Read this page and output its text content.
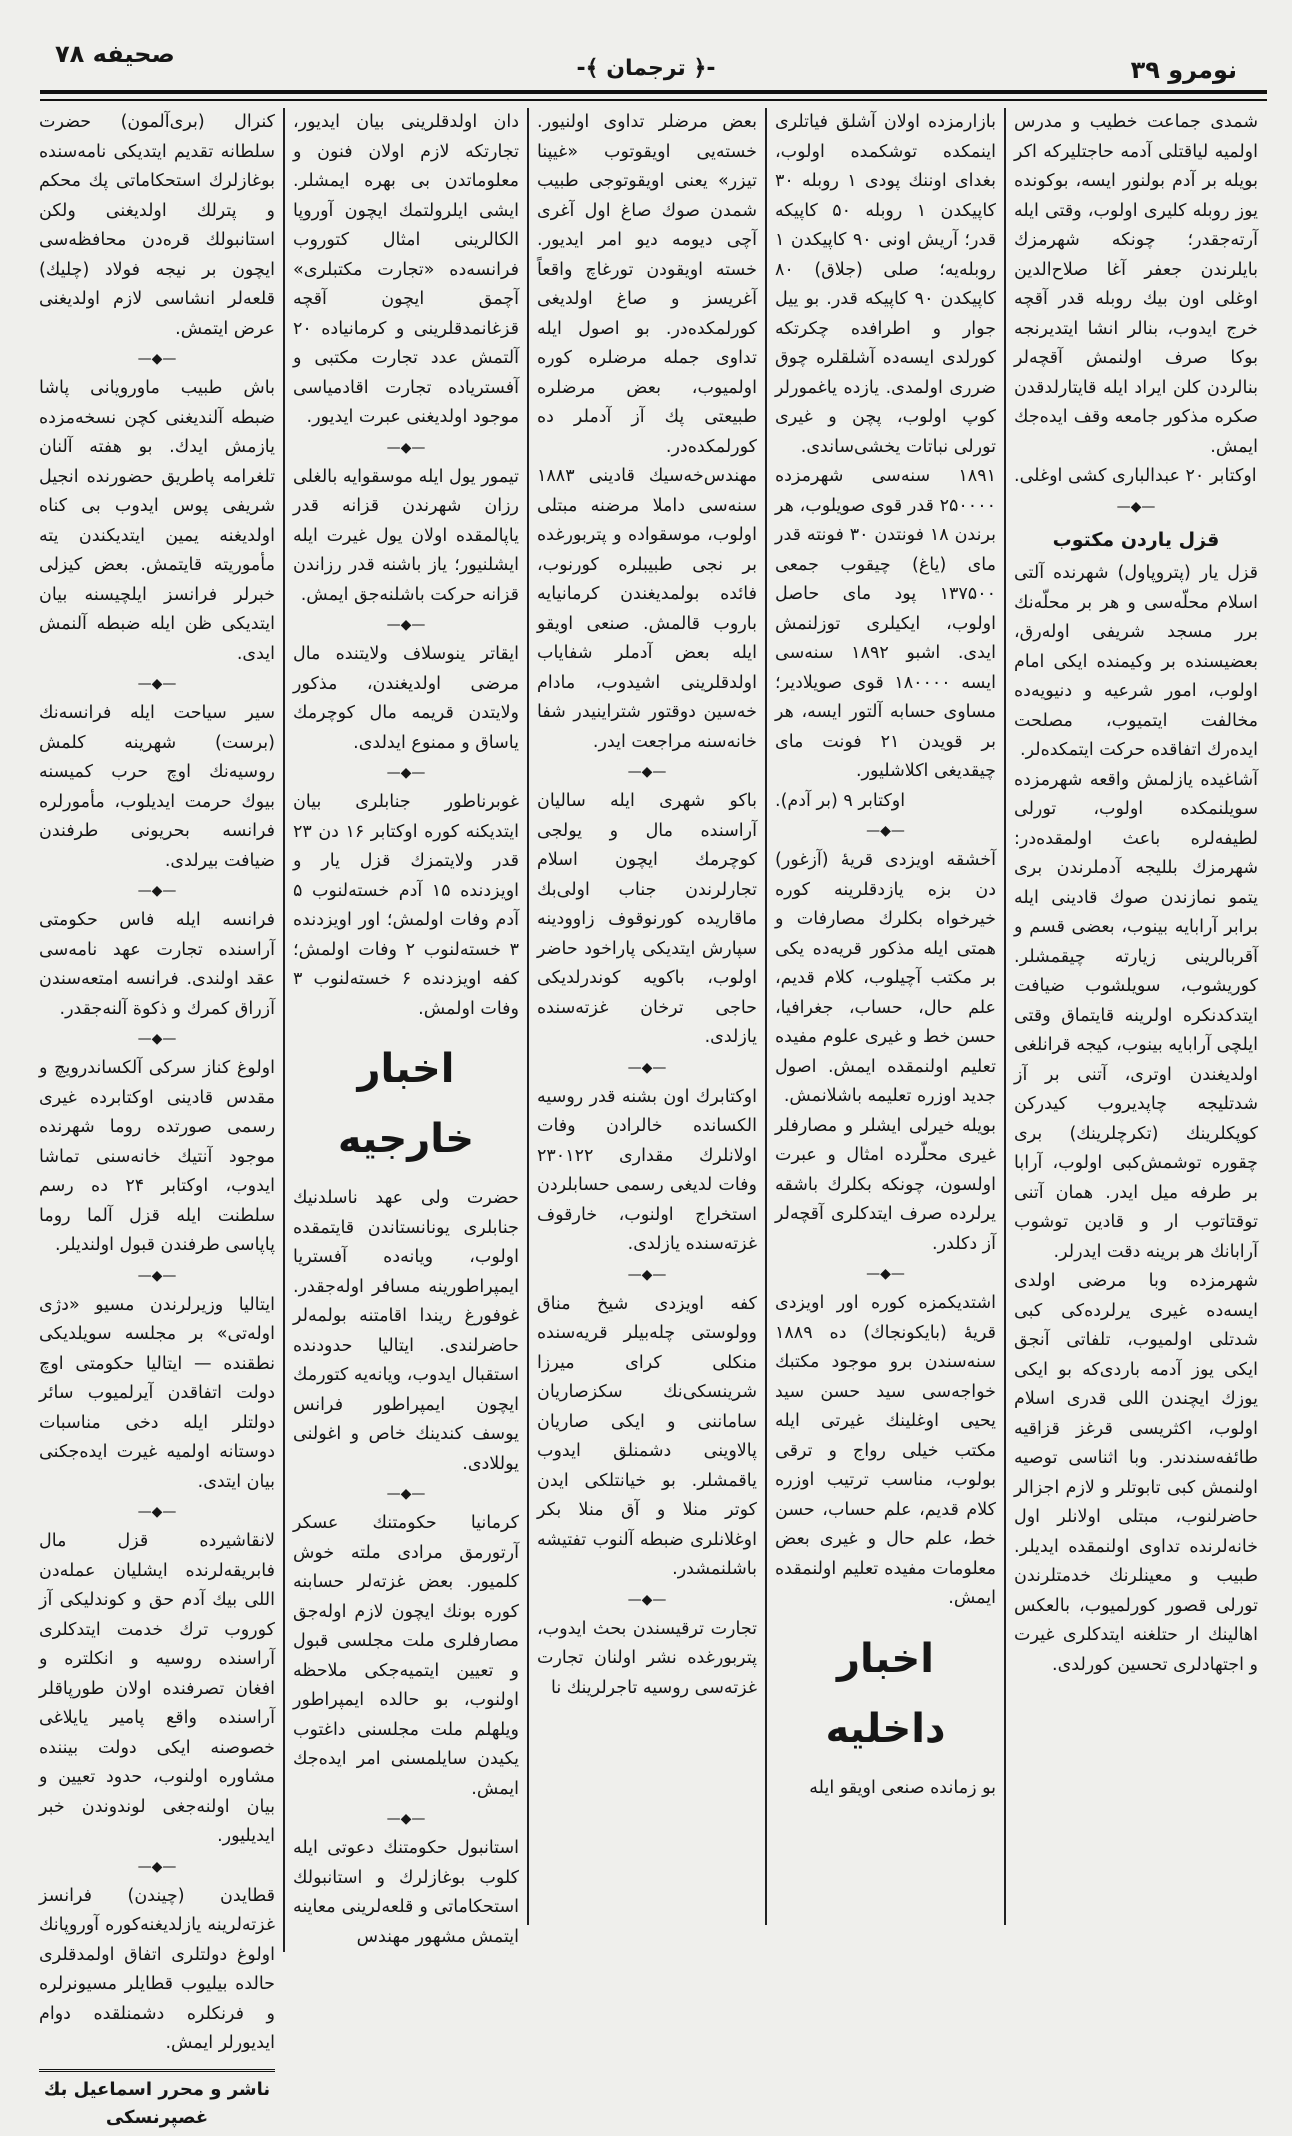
صحیفه ۷۸
-﴿ ترجمان ﴾-	نومرو ۳۹

شمدی جماعت خطیب و مدرس اولمیه لیاقتلی آدمه حاجتلیرکه اکر بویله بر آدم بولنور ایسه، بوکونده یوز روبله کلیری اولوب، وقتی ایله آرته‌جقدر؛ چونکه شهرمزك بایلرندن جعفر آغا صلاح‌الدین اوغلی اون بیك روبله قدر آقچه خرج ایدوب، بنالر انشا ایتدیرنجه بوکا صرف اولنمش آقچه‌لر بنالردن کلن ایراد ایله قایتارلدقدن صکره مذکور جامعه وقف ایده‌جك ایمش.

اوکتابر ۲۰ عبدالباری کشی اوغلی.

—◆—

قزل یاردن مکتوب

قزل یار (پتروپاول) شهرنده آلتی اسلام محلّه‌سی و هر بر محلّه‌نك برر مسجد شریفی اوله‌رق، بعضیسنده بر وکیمنده ایکی امام اولوب، امور شرعیه و دنیویه‌ده مخالفت ایتمیوب، مصلحت ایده‌رك اتفاقده حرکت ایتمکده‌لر.

آشاغیده یازلمش واقعه شهرمزده سویلنمکده اولوب، تورلی لطیفه‌لره باعث اولمقده‌در: شهرمزك بللیجه آدملرندن بری یتمو نمازندن صوك قادینی ایله برابر آرابایه بینوب، بعضی قسم و آقربالرینی زیارته چیقمشلر. کوریشوب، سویلشوب ضیافت ایتدکدنکره اولرینه قایتماق وقتی ایلچی آرابایه بینوب، کیجه قرانلغی اولدیغندن اوترى، آتنی بر آز شدتلیجه چاپدیروب کیدرکن کوپکلرینك (تکرچلرینك) بری چقوره توشمش‌کبی اولوب، آرابا بر طرفه میل ایدر. همان آتنی توقتاتوب ار و قادین توشوب آرابانك هر برینه دقت ایدرلر.

شهرمزده وبا مرضی اولدی ایسه‌ده غیری یرلرده‌کی کبی شدتلی اولمیوب، تلفاتی آنجق ایکی یوز آدمه باردی‌که بو ایکی یوزك ایچندن اللی قدری اسلام اولوب، اکثریسی قرغز قزاقیه طائفه‌سندندر. وبا اثناسی توصیه اولنمش کبی تابوتلر و لازم اجزالر حاضرلنوب، مبتلی اولانلر اول خانه‌لرنده تداوی اولنمقده ایدیلر. طبیب و معینلرنك خدمتلرندن تورلی قصور کورلمیوب، بالعکس اهالینك ار حتلغنه ایتدکلری غیرت و اجتهادلری تحسین کورلدی.

بازارمزده اولان آشلق فیاتلری اینمکده توشکمده اولوب، بغدای اوننك پودی ۱ روبله ۳۰ کاپیکدن ۱ روبله ۵۰ کاپیکه قدر؛ آریش اونی ۹۰ کاپیکدن ۱ روبله‌یه؛ صلی (جلاق) ۸۰ کاپیکدن ۹۰ کاپیکه قدر. بو ییل جوار و اطرافده چکرتکه کورلدی ایسه‌ده آشلقلره چوق ضرری اولمدی. یازده یاغمورلر کوپ اولوب، پچن و غیری تورلی نباتات یخشی‌ساندی.

۱۸۹۱ سنه‌سی شهرمزده ۲۵۰۰۰۰ قدر قوی صویلوب، هر برندن ۱۸ فونتدن ۳۰ فونته قدر مای (یاغ) چیقوب جمعی ۱۳۷۵۰۰ پود مای حاصل اولوب، ایکیلری توزلنمش ایدی. اشبو ۱۸۹۲ سنه‌سی ایسه ۱۸۰۰۰۰ قوی صویلادیر؛ مساوی حسابه آلتور ایسه، هر بر قویدن ۲۱ فونت مای چیقدیغی اکلاشلیور.

اوکتابر ۹ (بر آدم).

—◆—

آخشقه اویزدی قریهٔ (آزغور) دن بزه یازدقلرینه کوره خیرخواه بکلرك مصارفات و همتی ایله مذکور قریه‌ده یکی بر مکتب آچیلوب، کلام قدیم، علم حال، حساب، جغرافیا، حسن خط و غیری علوم مفیده تعلیم اولنمقده ایمش. اصول جدید اوزره تعلیمه باشلانمش.

بویله خیرلی ایشلر و مصارفلر غیری محلّرده امثال و عبرت اولسون، چونکه بکلرك باشقه یرلرده صرف ایتدکلری آقچه‌لر آز دکلدر.

—◆—

اشتدیکمزه کوره اور اویزدی قریهٔ (بایکونجاك) ده ۱۸۸۹ سنه‌سندن برو موجود مکتبك خواجه‌سی سید حسن سید یحیی اوغلینك غیرتی ایله مکتب خیلی رواج و ترقی بولوب، مناسب ترتیب اوزره کلام قدیم، علم حساب، حسن خط، علم حال و غیری بعض معلومات مفیده تعلیم اولنمقده ایمش.

اخبار داخلیه

بو زمانده صنعی اویقو ایله

بعض مرضلر تداوی اولنیور. خسته‌یی اویقوتوب «غیپنا تیزر» یعنی اویقوتوجی طبیب شمدن صوك صاغ اول آغری آچی دیومه دیو امر ایدیور. خسته اویقودن تورغاچ واقعاً آغریسز و صاغ اولدیغی کورلمکده‌در. بو اصول ایله تداوی جمله مرضلره کوره اولمیوب، بعض مرضلره طبیعتی پك آز آدملر ده کورلمکده‌در.

مهندس‌خه‌سیك قادینی ۱۸۸۳ سنه‌سی داملا مرضنه مبتلی اولوب، موسقواده و پتربورغده بر نجی طبیبلره کورنوب، فائده بولمدیغندن کرمانیایه باروب قالمش. صنعی اویقو ایله بعض آدملر شفایاب اولدقلرینی اشیدوب، مادام خه‌سین دوقتور شتراینیدر شفا خانه‌سنه مراجعت ایدر.

—◆—

باکو شهری ایله سالیان آراسنده مال و یولجی کوچرمك ایچون اسلام تجارلرندن جناب اولی‌بك ماقاریده کورنوقوف زاوودینه سپارش ایتدیکی پاراخود حاضر اولوب، باکویه کوندرلدیکی حاجی ترخان غزته‌سنده یازلدی.

—◆—

اوکتابرك اون بشنه قدر روسیه الکسانده خالرادن وفات اولانلرك مقداری ۲۳۰۱۲۲ وفات لدیغی رسمی حسابلردن استخراج اولنوب، خارقوف غزته‌سنده یازلدی.

—◆—

کفه اویزدی شیخ مناق وولوستی چله‌بیلر قریه‌سنده منکلی کرای میرزا شرینسکی‌نك سکزصاریان ساماننی و ایکی صاریان پالاوینی دشمنلق ایدوب یاقمشلر. بو خیانتلکی ایدن کوتر منلا و آق منلا بکر اوغلانلری ضبطه آلنوب تفتیشه باشلنمشدر.

—◆—

تجارت ترقیسندن بحث ایدوب، پتربورغده نشر اولنان تجارت غزته‌سی روسیه تاجرلرینك نا

دان اولدقلرینی بیان ایدیور، تجارتکه لازم اولان فنون و معلوماتدن بی بهره ایمشلر. ایشی ایلرولتمك ایچون آوروپا الکالرینی امثال کتوروب فرانسه‌ده «تجارت مکتبلری» آچمق ایچون آقچه قزغانمدقلرینی و کرمانیاده ۲۰ آلتمش عدد تجارت مکتبی و آفستریاده تجارت اقادمیاسی موجود اولدیغنی عبرت ایدیور.

—◆—

تیمور یول ایله موسقوایه بالغلی رزان شهرندن قزانه قدر یاپالمقده اولان یول غیرت ایله ایشلنیور؛ یاز باشنه قدر رزاندن قزانه حرکت باشلنه‌جق ایمش.

—◆—

ایقاتر ینوسلاف ولایتنده مال مرضی اولدیغندن، مذکور ولایتدن قریمه مال کوچرمك یاساق و ممنوع ایدلدی.

—◆—

غوبرناطور جنابلری بیان ایتدیکنه کوره اوکتابر ۱۶ دن ۲۳ قدر ولایتمزك قزل یار و اویزدنده ۱۵ آدم خسته‌لنوب ۵ آدم وفات اولمش؛ اور اویزدنده ۳ خسته‌لنوب ۲ وفات اولمش؛ کفه اویزدنده ۶ خسته‌لنوب ۳ وفات اولمش.

اخبار خارجیه

حضرت ولی عهد ناسلدنیك جنابلری یونانستاندن قایتمقده اولوب، ویانه‌ده آفستریا ایمپراطورینه مسافر اوله‌جقدر. غوفورغ ریندا اقامتنه بولمه‌لر حاضرلندی. ایتالیا حدودنده استقبال ایدوب، ویانه‌یه کتورمك ایچون ایمپراطور فرانس یوسف کندینك خاص و اغولنی یوللادی.

—◆—

کرمانیا حکومتنك عسکر آرتورمق مرادی ملته خوش کلمیور. بعض غزته‌لر حسابنه کوره بونك ایچون لازم اوله‌جق مصارفلری ملت مجلسی قبول و تعیین ایتمیه‌جکی ملاحظه اولنوب، بو حالده ایمپراطور ویلهلم ملت مجلسنی داغتوب یکیدن سایلمسنی امر ایده‌جك ایمش.

—◆—

استانبول حکومتنك دعوتی ایله کلوب بوغازلرك و استانبولك استحکاماتی و قلعه‌لرینی معاینه ایتمش مشهور مهندس

کنرال (بری‌آلمون) حضرت سلطانه تقدیم ایتدیکی نامه‌سنده بوغازلرك استحکاماتی پك محکم و پترلك اولدیغنی ولکن استانبولك قره‌دن محافظه‌سی ایچون بر نیجه فولاد (چلیك) قلعه‌لر انشاسی لازم اولدیغنی عرض ایتمش.

—◆—

باش طبیب ماورویانی پاشا ضبطه آلندیغنی کچن نسخه‌مزده یازمش ایدك. بو هفته آلنان تلغرامه پاطریق حضورنده انجیل شریفی پوس ایدوب بی کناه اولدیغنه یمین ایتدیکندن یته مأموریته قایتمش. بعض کیزلی خبرلر فرانسز ایلچیسنه بیان ایتدیکی ظن ایله ضبطه آلنمش ایدی.

—◆—

سیر سیاحت ایله فرانسه‌نك (برست) شهرینه کلمش روسیه‌نك اوچ حرب کمیسنه بیوك حرمت ایدیلوب، مأمورلره فرانسه بحریونی طرفندن ضیافت بیرلدی.

—◆—

فرانسه ایله فاس حکومتی آراسنده تجارت عهد نامه‌سی عقد اولندی. فرانسه امتعه‌سندن آزراق کمرك و ذکوة آلنه‌جقدر.

—◆—

اولوغ کناز سرکی آلکساندرویچ و مقدس قادینی اوکتابرده غیری رسمی صورتده روما شهرنده موجود آنتیك خانه‌سنی تماشا ایدوب، اوکتابر ۲۴ ده رسم سلطنت ایله قزل آلما روما پاپاسی طرفندن قبول اولندیلر.

—◆—

ایتالیا وزیرلرندن مسیو «دژی اوله‌تی» بر مجلسه سویلدیکی نطقنده — ایتالیا حکومتی اوچ دولت اتفاقدن آیرلمیوب سائر دولتلر ایله دخی مناسبات دوستانه اولمیه غیرت ایده‌جکنی بیان ایتدی.

—◆—

لانقاشیرده قزل مال فابریقه‌لرنده ایشلیان عمله‌دن اللی بیك آدم حق و کوندلیکی آز کوروب ترك خدمت ایتدکلری آراسنده روسیه و انکلتره و افغان تصرفنده اولان طورپاقلر آراسنده واقع پامیر یایلاغی خصوصنه ایکی دولت بیننده مشاوره اولنوب، حدود تعیین و بیان اولنه‌جغی لوندوندن خبر ایدیلیور.

—◆—

قطایدن (چیندن) فرانسز غزته‌لرینه یازلدیغنه‌کوره آوروپانك اولوغ دولتلری اتفاق اولمدقلری حالده بیلیوب قطایلر مسیونرلره و فرنکلره دشمنلقده دوام ایدیورلر ایمش.

ناشر و محرر اسماعیل بك غصپرنسکی
